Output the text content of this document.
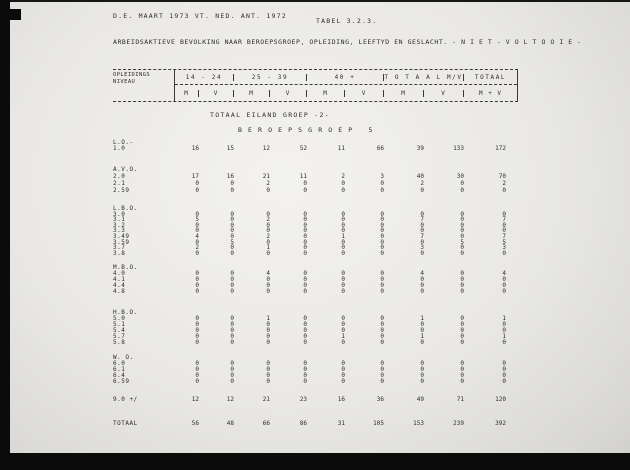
D.E. MAART 1973 VT. NED. ANT. 1972
TABEL 3.2.3.
ARBEIDSAKTIEVE BEVOLKING NAAR BEROEPSGROEP, OPLEIDING, LEEFTYD EN GESLACHT. - N I E T - V O L T O O I E -
OPLEIDINGS
NIVEAU
14 - 24	25 - 39	40 +	T O T A A L M/V	TOTAAL
M	V	M	V	M	V	M	V	M + V
TOTAAL EILAND GROEP -2-
B E R O E P S G R O E P   5
L.O.-
1.0	16	15	12	52	11	66	39	133	172
A.V.O.
2.0	17	16	21	11	2	3	40	30	70
2.1	0	0	2	0	0	0	2	0	2
2.59	0	0	0	0	0	0	0	0	0
L.B.O.
3.0	0	0	0	0	0	0	0	0	0
3.1	5	0	2	0	0	0	7	0	7
3.2	0	0	0	0	0	0	0	0	0
3.3	0	0	0	0	0	0	0	0	0
3.49	4	0	2	0	1	0	7	0	7
3.59	0	5	0	0	0	0	0	5	5
3.7	2	0	1	0	0	0	3	0	3
3.8	0	0	0	0	0	0	0	0	0
M.B.O.
4.0	0	0	4	0	0	0	4	0	4
4.1	0	0	0	0	0	0	0	0	0
4.4	0	0	0	0	0	0	0	0	0
4.8	0	0	0	0	0	0	0	0	0
H.B.O.
5.0	0	0	1	0	0	0	1	0	1
5.1	0	0	0	0	0	0	0	0	0
5.4	0	0	0	0	0	0	0	0	0
5.7	0	0	0	0	1	0	1	0	1
5.8	0	0	0	0	0	0	0	0	0
W. O.
6.0	0	0	0	0	0	0	0	0	0
6.1	0	0	0	0	0	0	0	0	0
6.4	0	0	0	0	0	0	0	0	0
6.59	0	0	0	0	0	0	0	0	0
9.0 +/	12	12	21	23	16	36	49	71	120
TOTAAL	56	48	66	86	31	105	153	239	392
